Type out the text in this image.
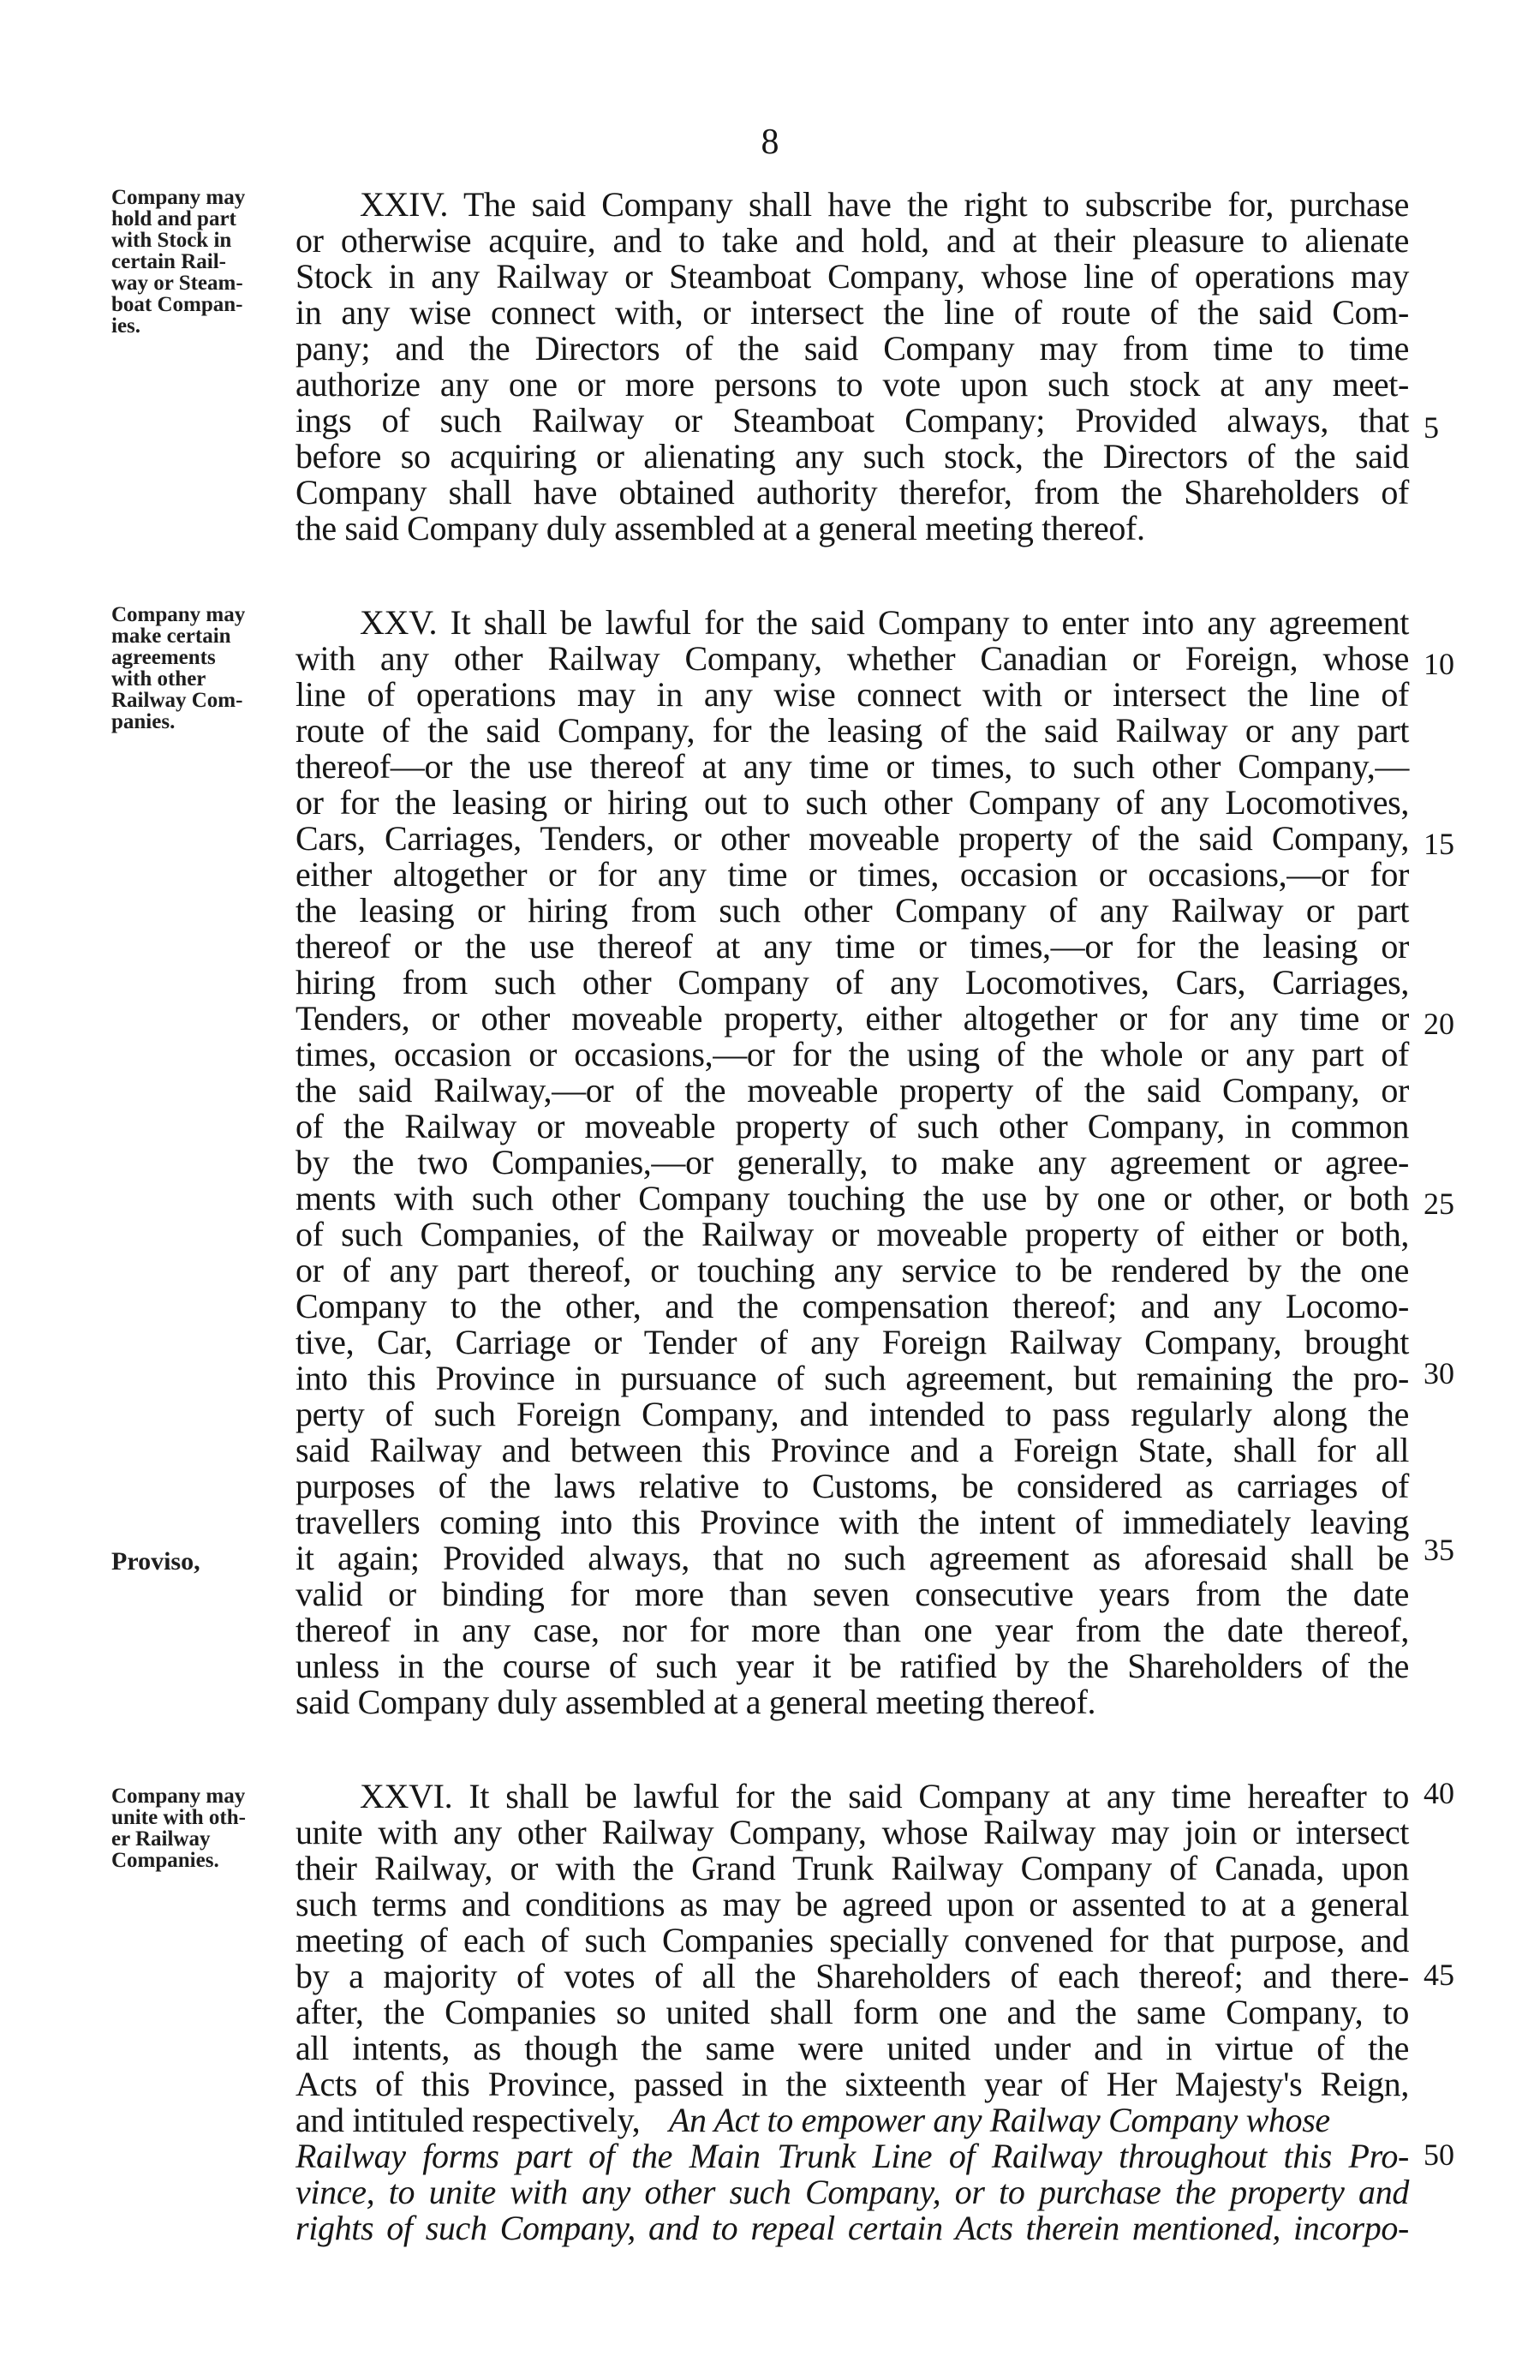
8
Company may
hold and part
with Stock in
certain Rail-
way or Steam-
boat Compan-
ies.
XXIV. The said Company shall have the right to subscribe for, purchase
or otherwise acquire, and to take and hold, and at their pleasure to alienate
Stock in any Railway or Steamboat Company, whose line of operations may
in any wise connect with, or intersect the line of route of the said Com-
pany; and the Directors of the said Company may from time to time
authorize any one or more persons to vote upon such stock at any meet-
ings of such Railway or Steamboat Company; Provided always, that
before so acquiring or alienating any such stock, the Directors of the said
Company shall have obtained authority therefor, from the Shareholders of
the said Company duly assembled at a general meeting thereof.
5
Company may
make certain
agreements
with other
Railway Com-
panies.
XXV. It shall be lawful for the said Company to enter into any agreement
with any other Railway Company, whether Canadian or Foreign, whose
line of operations may in any wise connect with or intersect the line of
route of the said Company, for the leasing of the said Railway or any part
thereof—or the use thereof at any time or times, to such other Company,—
or for the leasing or hiring out to such other Company of any Locomotives,
Cars, Carriages, Tenders, or other moveable property of the said Company,
either altogether or for any time or times, occasion or occasions,—or for
the leasing or hiring from such other Company of any Railway or part
thereof or the use thereof at any time or times,—or for the leasing or
hiring from such other Company of any Locomotives, Cars, Carriages,
Tenders, or other moveable property, either altogether or for any time or
times, occasion or occasions,—or for the using of the whole or any part of
the said Railway,—or of the moveable property of the said Company, or
of the Railway or moveable property of such other Company, in common
by the two Companies,—or generally, to make any agreement or agree-
ments with such other Company touching the use by one or other, or both
of such Companies, of the Railway or moveable property of either or both,
or of any part thereof, or touching any service to be rendered by the one
Company to the other, and the compensation thereof; and any Locomo-
tive, Car, Carriage or Tender of any Foreign Railway Company, brought
into this Province in pursuance of such agreement, but remaining the pro-
perty of such Foreign Company, and intended to pass regularly along the
said Railway and between this Province and a Foreign State, shall for all
purposes of the laws relative to Customs, be considered as carriages of
travellers coming into this Province with the intent of immediately leaving
it again; Provided always, that no such agreement as aforesaid shall be
valid or binding for more than seven consecutive years from the date
thereof in any case, nor for more than one year from the date thereof,
unless in the course of such year it be ratified by the Shareholders of the
said Company duly assembled at a general meeting thereof.
Proviso,
10
15
20
25
30
35
Company may
unite with oth-
er Railway
Companies.
XXVI. It shall be lawful for the said Company at any time hereafter to
unite with any other Railway Company, whose Railway may join or intersect
their Railway, or with the Grand Trunk Railway Company of Canada, upon
such terms and conditions as may be agreed upon or assented to at a general
meeting of each of such Companies specially convened for that purpose, and
by a majority of votes of all the Shareholders of each thereof; and there-
after, the Companies so united shall form one and the same Company, to
all intents, as though the same were united under and in virtue of the
Acts of this Province, passed in the sixteenth year of Her Majesty's Reign,
and intituled respectively, An Act to empower any Railway Company whose
Railway forms part of the Main Trunk Line of Railway throughout this Pro-
vince, to unite with any other such Company, or to purchase the property and
rights of such Company, and to repeal certain Acts therein mentioned, incorpo-
40
45
50
